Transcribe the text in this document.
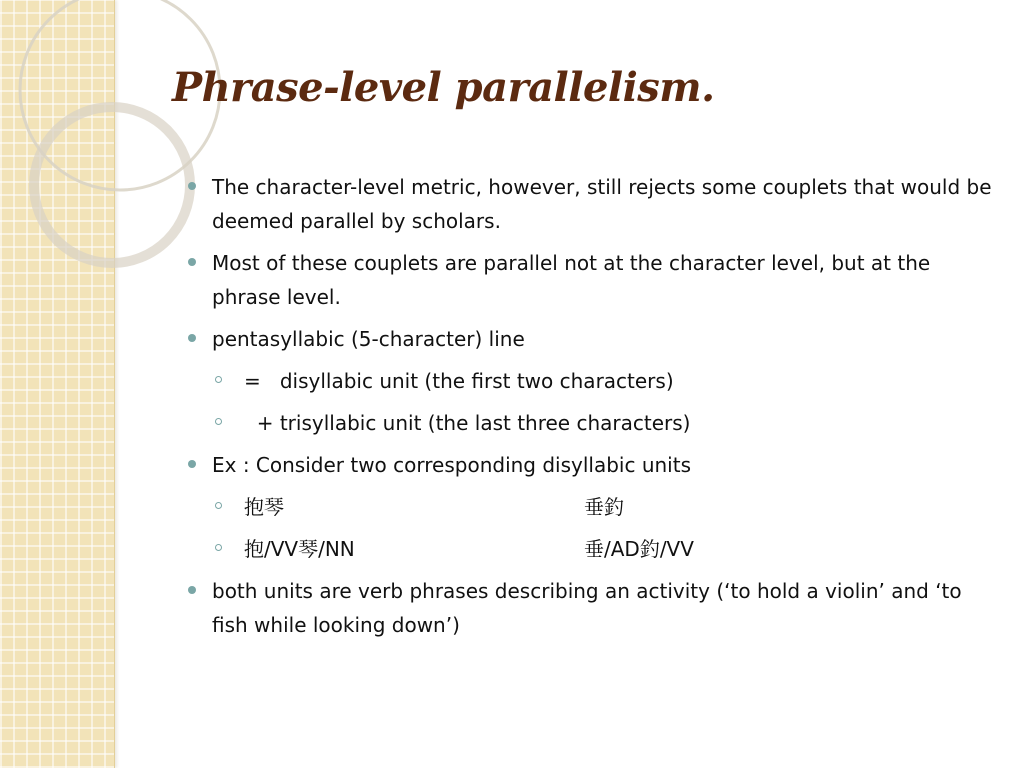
Phrase-level parallelism.
The character-level metric, however, still rejects some couplets that would be deemed parallel by scholars.
Most of these couplets are parallel not at the character level, but at the phrase level.
pentasyllabic (5-character) line
=   disyllabic unit (the first two characters)
+ trisyllabic unit (the last three characters)
Ex : Consider two corresponding disyllabic units
抱琴	垂釣
抱/VV琴/NN	垂/AD釣/VV
both units are verb phrases describing an activity (‘to hold a violin’ and ‘to fish while looking down’)
